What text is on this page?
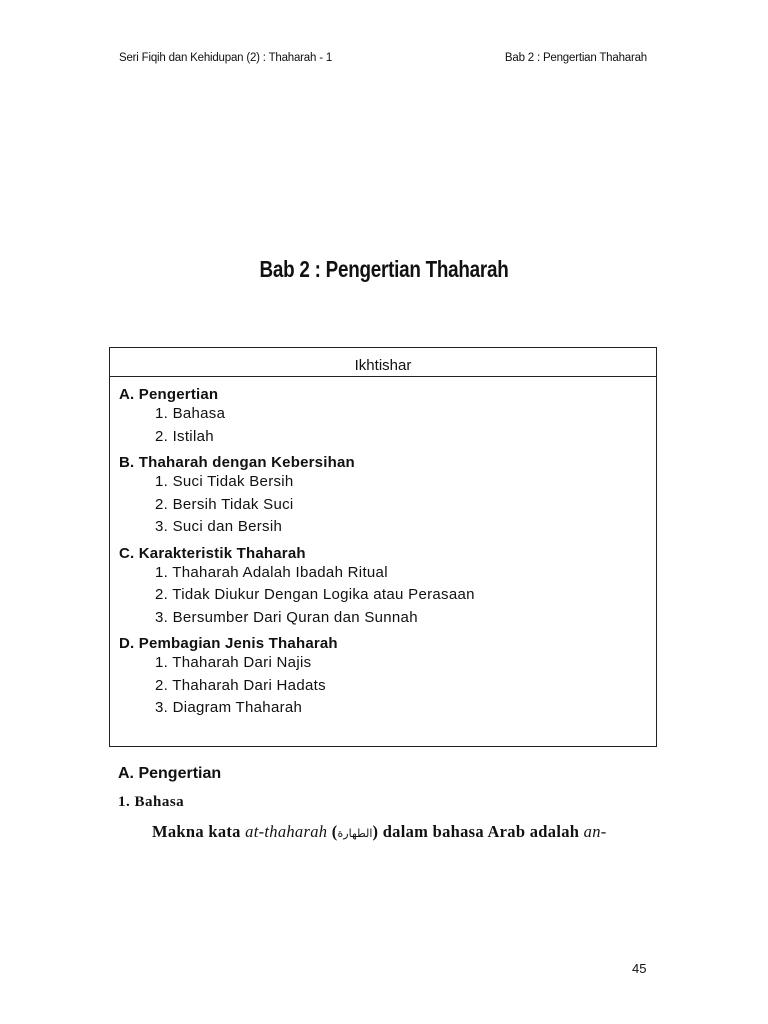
Seri Fiqih dan Kehidupan (2) : Thaharah - 1	Bab 2 : Pengertian Thaharah
Bab 2 : Pengertian Thaharah
Ikhtishar
A. Pengertian
1. Bahasa
2. Istilah
B. Thaharah dengan Kebersihan
1. Suci Tidak Bersih
2. Bersih Tidak Suci
3. Suci dan Bersih
C. Karakteristik Thaharah
1. Thaharah Adalah Ibadah Ritual
2. Tidak Diukur Dengan Logika atau Perasaan
3. Bersumber Dari Quran dan Sunnah
D. Pembagian Jenis Thaharah
1. Thaharah Dari Najis
2. Thaharah Dari Hadats
3. Diagram Thaharah
A. Pengertian
1. Bahasa
Makna kata at-thaharah (الطهارة) dalam bahasa Arab adalah an-
45
